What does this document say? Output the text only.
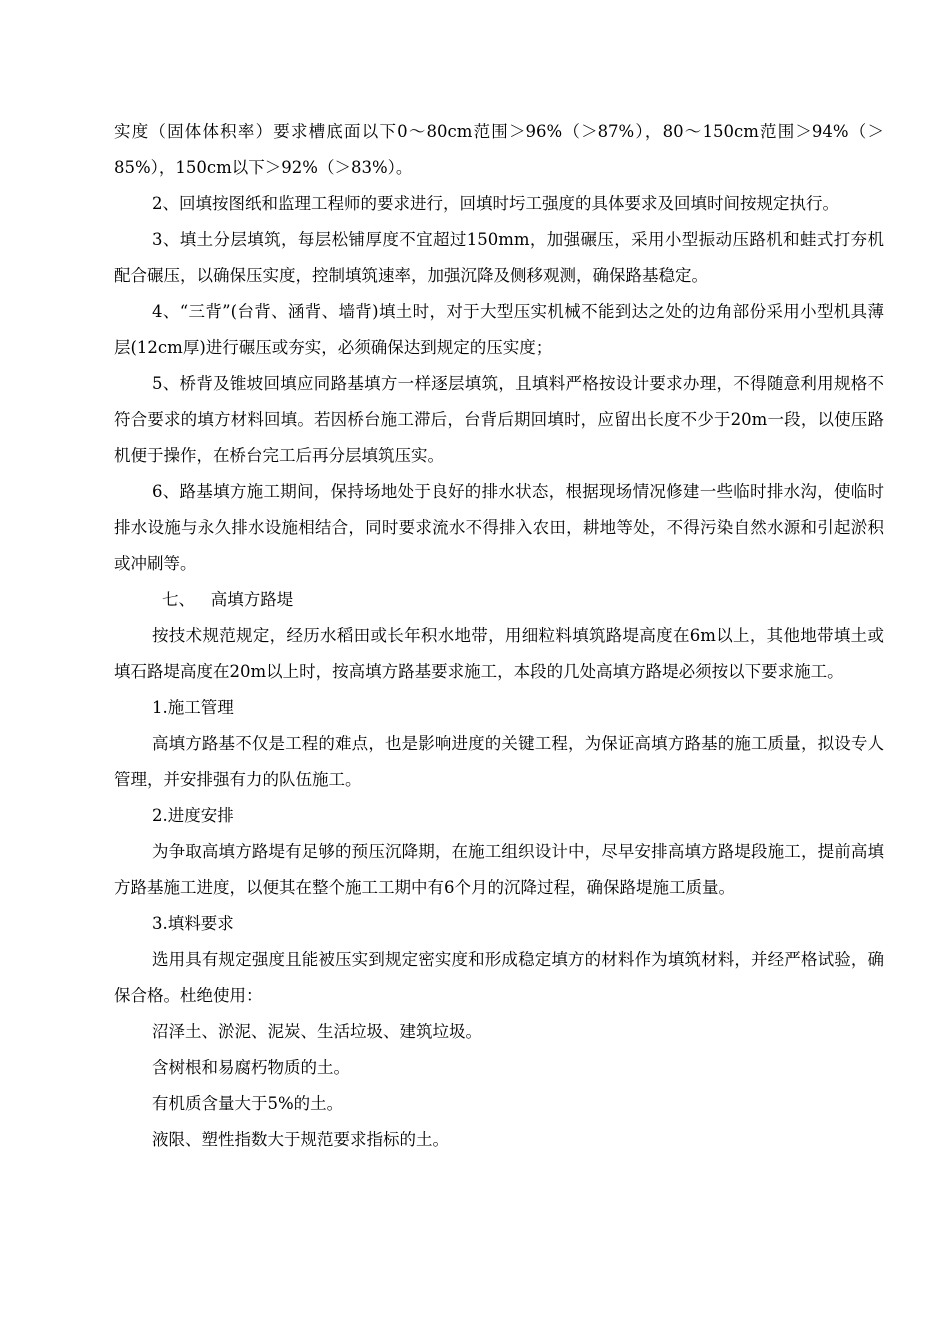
实度（固体体积率）要求槽底面以下0～80cm范围＞96%（＞87%），80～150cm范围＞94%（＞85%），150cm以下＞92%（＞83%）。

2、回填按图纸和监理工程师的要求进行，回填时圬工强度的具体要求及回填时间按规定执行。

3、填土分层填筑，每层松铺厚度不宜超过150mm，加强碾压，采用小型振动压路机和蛙式打夯机配合碾压，以确保压实度，控制填筑速率，加强沉降及侧移观测，确保路基稳定。

4、“三背”(台背、涵背、墙背)填土时，对于大型压实机械不能到达之处的边角部份采用小型机具薄层(12cm厚)进行碾压或夯实，必须确保达到规定的压实度；

5、桥背及锥坡回填应同路基填方一样逐层填筑，且填料严格按设计要求办理，不得随意利用规格不符合要求的填方材料回填。若因桥台施工滞后，台背后期回填时，应留出长度不少于20m一段，以使压路机便于操作，在桥台完工后再分层填筑压实。

6、路基填方施工期间，保持场地处于良好的排水状态，根据现场情况修建一些临时排水沟，使临时排水设施与永久排水设施相结合，同时要求流水不得排入农田，耕地等处，不得污染自然水源和引起淤积或冲刷等。

七、   高填方路堤

按技术规范规定，经历水稻田或长年积水地带，用细粒料填筑路堤高度在6m以上，其他地带填土或填石路堤高度在20m以上时，按高填方路基要求施工，本段的几处高填方路堤必须按以下要求施工。

1.施工管理

高填方路基不仅是工程的难点，也是影响进度的关键工程，为保证高填方路基的施工质量，拟设专人管理，并安排强有力的队伍施工。

2.进度安排

为争取高填方路堤有足够的预压沉降期，在施工组织设计中，尽早安排高填方路堤段施工，提前高填方路基施工进度，以便其在整个施工工期中有6个月的沉降过程，确保路堤施工质量。

3.填料要求

选用具有规定强度且能被压实到规定密实度和形成稳定填方的材料作为填筑材料，并经严格试验，确保合格。杜绝使用：

沼泽土、淤泥、泥炭、生活垃圾、建筑垃圾。

含树根和易腐朽物质的土。

有机质含量大于5%的土。

液限、塑性指数大于规范要求指标的土。
